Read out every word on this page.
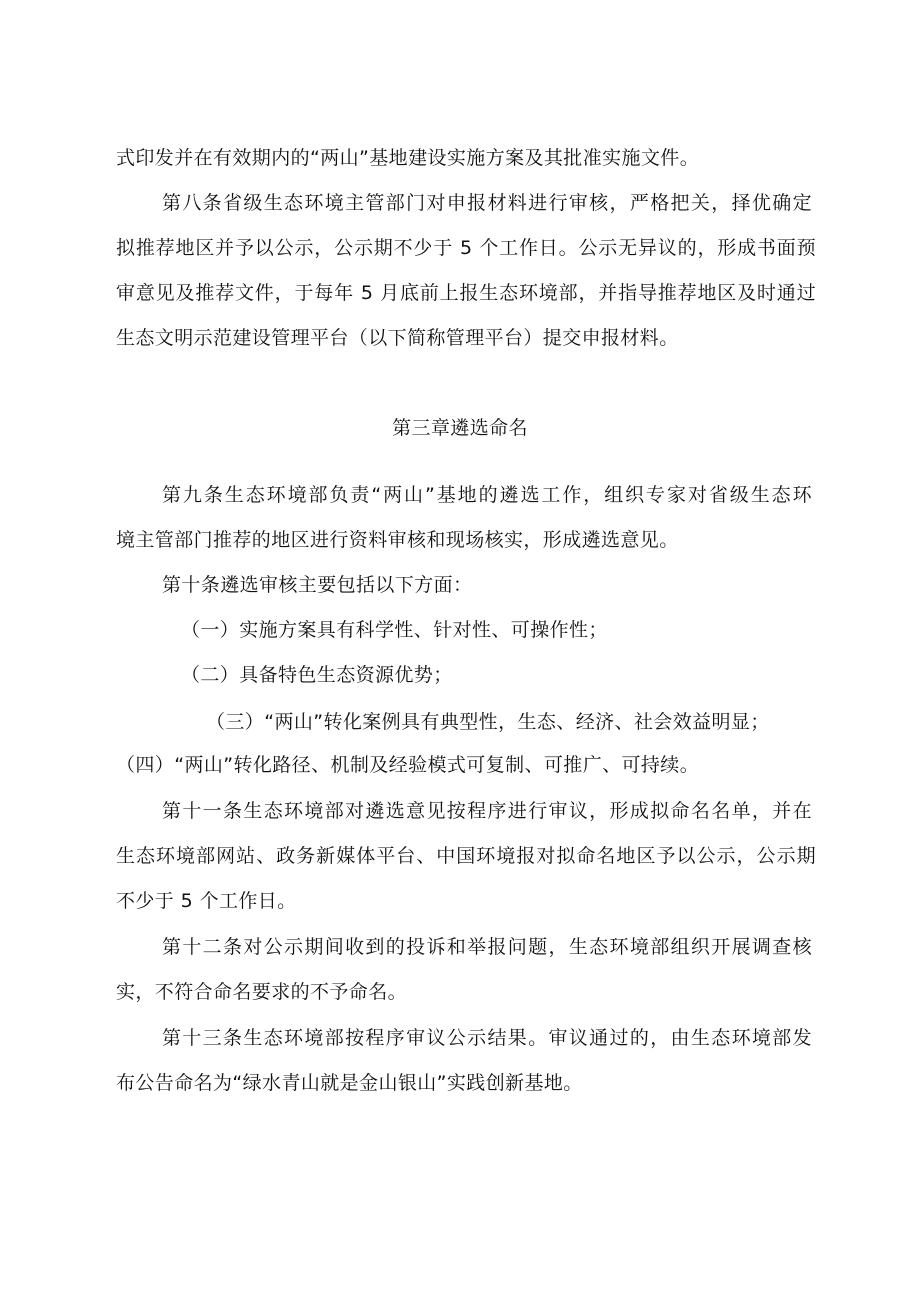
式印发并在有效期内的“两山”基地建设实施方案及其批准实施文件。
第八条省级生态环境主管部门对申报材料进行审核，严格把关，择优确定
拟推荐地区并予以公示，公示期不少于 5 个工作日。公示无异议的，形成书面预
审意见及推荐文件，于每年 5 月底前上报生态环境部，并指导推荐地区及时通过
生态文明示范建设管理平台（以下简称管理平台）提交申报材料。
第三章遴选命名
第九条生态环境部负责“两山”基地的遴选工作，组织专家对省级生态环
境主管部门推荐的地区进行资料审核和现场核实，形成遴选意见。
第十条遴选审核主要包括以下方面：
（一）实施方案具有科学性、针对性、可操作性；
（二）具备特色生态资源优势；
（三）“两山”转化案例具有典型性，生态、经济、社会效益明显；
（四）“两山”转化路径、机制及经验模式可复制、可推广、可持续。
第十一条生态环境部对遴选意见按程序进行审议，形成拟命名名单，并在
生态环境部网站、政务新媒体平台、中国环境报对拟命名地区予以公示，公示期
不少于 5 个工作日。
第十二条对公示期间收到的投诉和举报问题，生态环境部组织开展调查核
实，不符合命名要求的不予命名。
第十三条生态环境部按程序审议公示结果。审议通过的，由生态环境部发
布公告命名为“绿水青山就是金山银山”实践创新基地。
